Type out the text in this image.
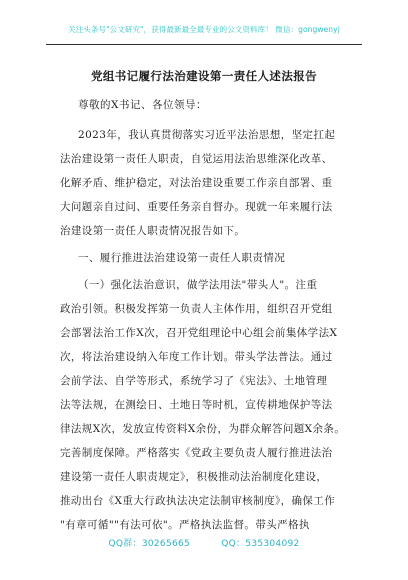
关注头条号"公文研究"，获得最新最全最专业的公文资料库！ 微信：gongwenyj
党组书记履行法治建设第一责任人述法报告
尊敬的X书记、各位领导：
2023年，我认真贯彻落实习近平法治思想，坚定扛起
法治建设第一责任人职责，自觉运用法治思维深化改革、
化解矛盾、维护稳定，对法治建设重要工作亲自部署、重
大问题亲自过问、重要任务亲自督办。现就一年来履行法
治建设第一责任人职责情况报告如下。
一、履行推进法治建设第一责任人职责情况
（一）强化法治意识，做学法用法"带头人"。注重
政治引领。积极发挥第一负责人主体作用，组织召开党组
会部署法治工作X次，召开党组理论中心组会前集体学法X
次，将法治建设纳入年度工作计划。带头学法普法。通过
会前学法、自学等形式，系统学习了《宪法》、土地管理
法等法规，在测绘日、土地日等时机，宣传耕地保护等法
律法规X次，发放宣传资料X余份，为群众解答问题X余条。
完善制度保障。严格落实《党政主要负责人履行推进法治
建设第一责任人职责规定》，积极推动法治制度化建设，
推动出台《X重大行政执法决定法制审核制度》，确保工作
"有章可循""有法可依"。严格执法监督。带头严格执
QQ群：30265665	QQ：535304092
